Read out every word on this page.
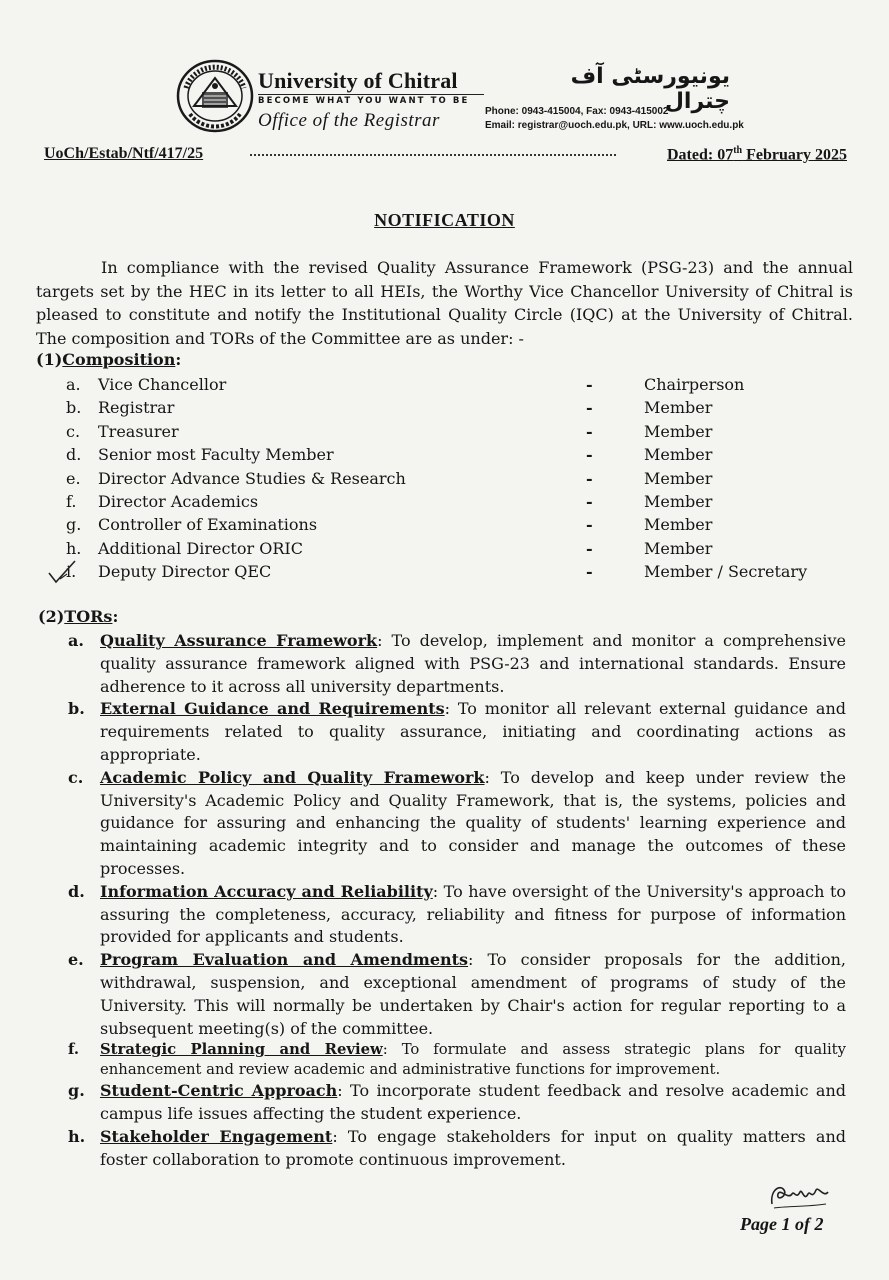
University of Chitral	یونیورسٹی آف چترال
BECOME WHAT YOU WANT TO BE
Office of the Registrar	Phone: 0943-415004, Fax: 0943-415002
Email: registrar@uoch.edu.pk, URL: www.uoch.edu.pk
UoCh/Estab/Ntf/417/25	Dated: 07th February 2025
NOTIFICATION
In compliance with the revised Quality Assurance Framework (PSG-23) and the annual targets set by the HEC in its letter to all HEIs, the Worthy Vice Chancellor University of Chitral is pleased to constitute and notify the Institutional Quality Circle (IQC) at the University of Chitral. The composition and TORs of the Committee are as under: -
(1)Composition:
a.	Vice Chancellor	-	Chairperson
b.	Registrar	-	Member
c.	Treasurer	-	Member
d.	Senior most Faculty Member	-	Member
e.	Director Advance Studies & Research	-	Member
f.	Director Academics	-	Member
g.	Controller of Examinations	-	Member
h.	Additional Director ORIC	-	Member
i.	Deputy Director QEC	-	Member / Secretary
(2)TORs:
a. Quality Assurance Framework: To develop, implement and monitor a comprehensive quality assurance framework aligned with PSG-23 and international standards. Ensure adherence to it across all university departments.
b. External Guidance and Requirements: To monitor all relevant external guidance and requirements related to quality assurance, initiating and coordinating actions as appropriate.
c. Academic Policy and Quality Framework: To develop and keep under review the University's Academic Policy and Quality Framework, that is, the systems, policies and guidance for assuring and enhancing the quality of students' learning experience and maintaining academic integrity and to consider and manage the outcomes of these processes.
d. Information Accuracy and Reliability: To have oversight of the University's approach to assuring the completeness, accuracy, reliability and fitness for purpose of information provided for applicants and students.
e. Program Evaluation and Amendments: To consider proposals for the addition, withdrawal, suspension, and exceptional amendment of programs of study of the University. This will normally be undertaken by Chair's action for regular reporting to a subsequent meeting(s) of the committee.
f. Strategic Planning and Review: To formulate and assess strategic plans for quality enhancement and review academic and administrative functions for improvement.
g. Student-Centric Approach: To incorporate student feedback and resolve academic and campus life issues affecting the student experience.
h. Stakeholder Engagement: To engage stakeholders for input on quality matters and foster collaboration to promote continuous improvement.
Page 1 of 2
